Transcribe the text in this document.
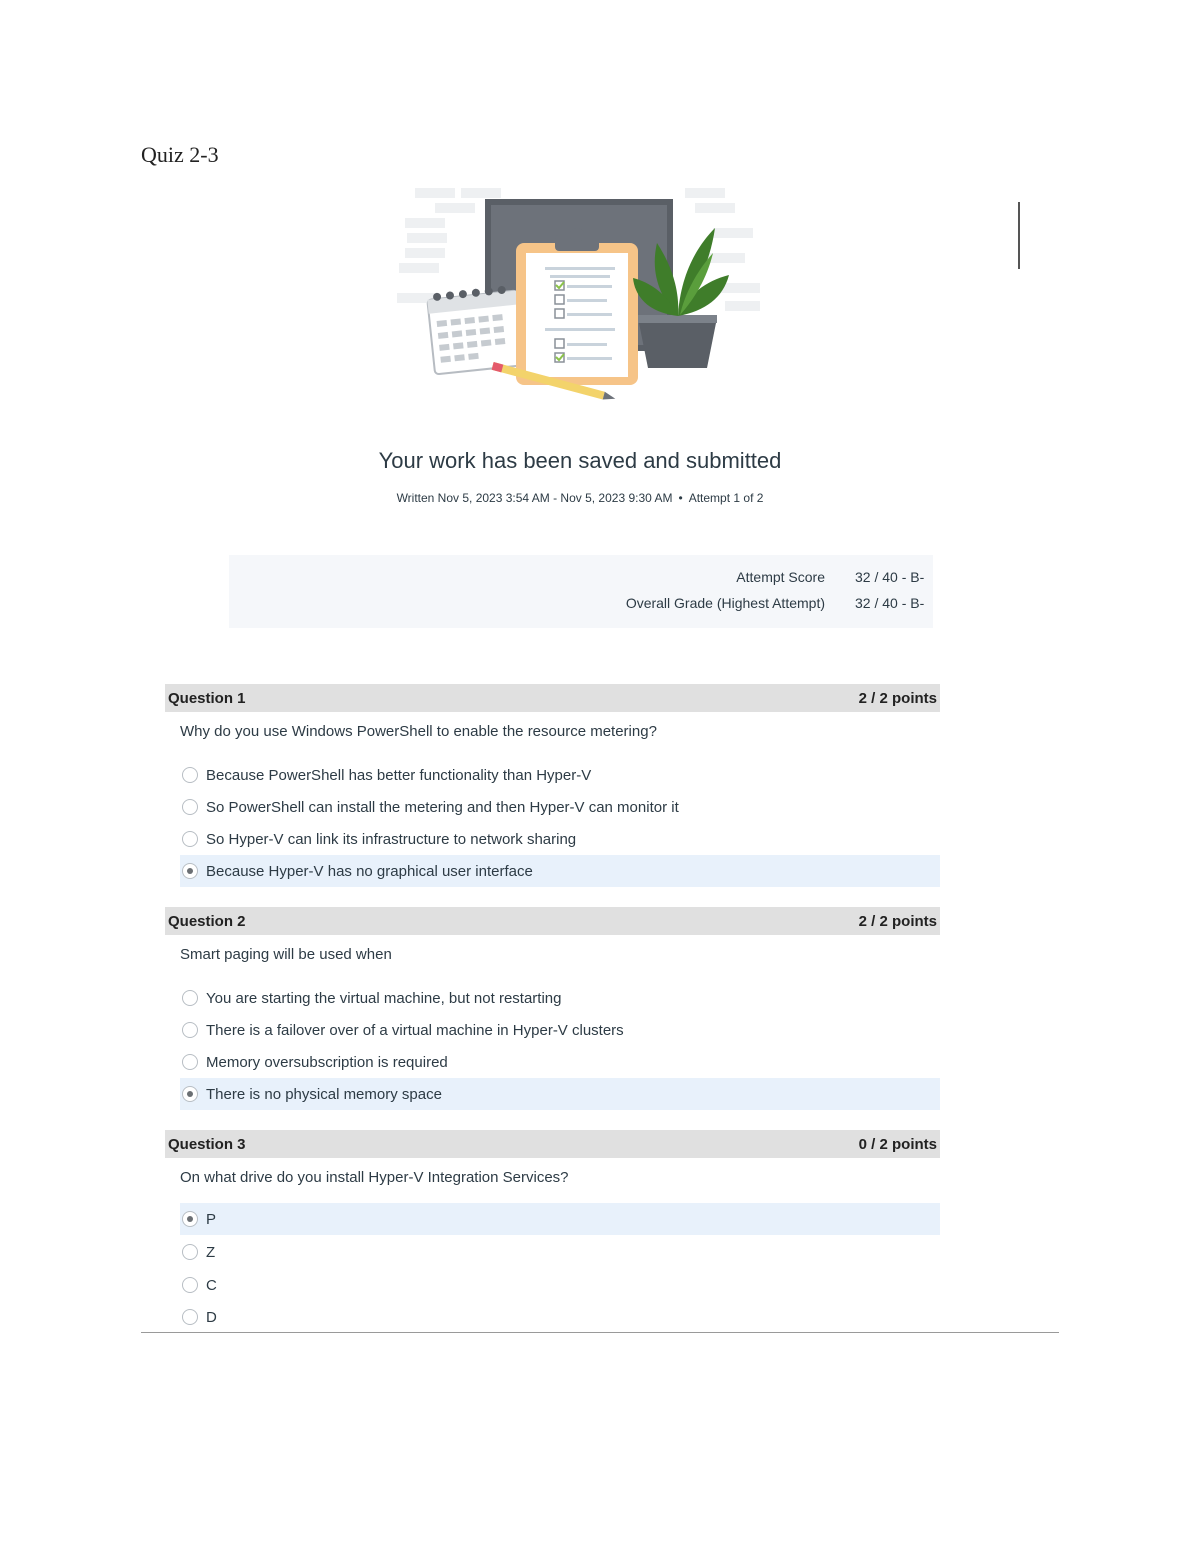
Quiz 2-3
Your work has been saved and submitted
Written Nov 5, 2023 3:54 AM - Nov 5, 2023 9:30 AM • Attempt 1 of 2
Attempt Score 32 / 40 - B-
Overall Grade (Highest Attempt) 32 / 40 - B-
Question 1	2 / 2 points
Why do you use Windows PowerShell to enable the resource metering?
Because PowerShell has better functionality than Hyper-V
So PowerShell can install the metering and then Hyper-V can monitor it
So Hyper-V can link its infrastructure to network sharing
Because Hyper-V has no graphical user interface
Question 2	2 / 2 points
Smart paging will be used when
You are starting the virtual machine, but not restarting
There is a failover over of a virtual machine in Hyper-V clusters
Memory oversubscription is required
There is no physical memory space
Question 3	0 / 2 points
On what drive do you install Hyper-V Integration Services?
P
Z
C
D
